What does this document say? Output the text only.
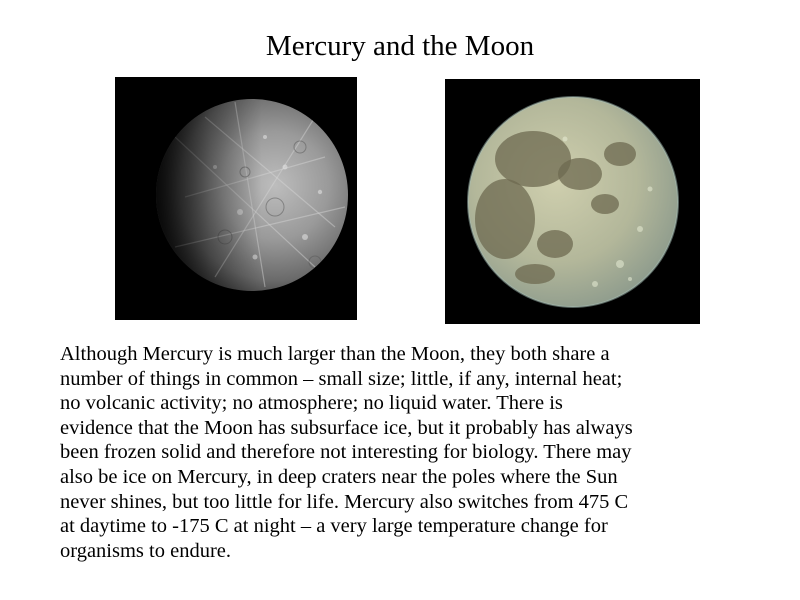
Mercury and the Moon

Although Mercury is much larger than the Moon, they both share a
number of things in common – small size; little, if any, internal heat;
no volcanic activity; no atmosphere; no liquid water. There is
evidence that the Moon has subsurface ice, but it probably has always
been frozen solid and therefore not interesting for biology. There may
also be ice on Mercury, in deep craters near the poles where the Sun
never shines, but too little for life. Mercury also switches from 475 C
at daytime to -175 C at night – a very large temperature change for
organisms to endure.
